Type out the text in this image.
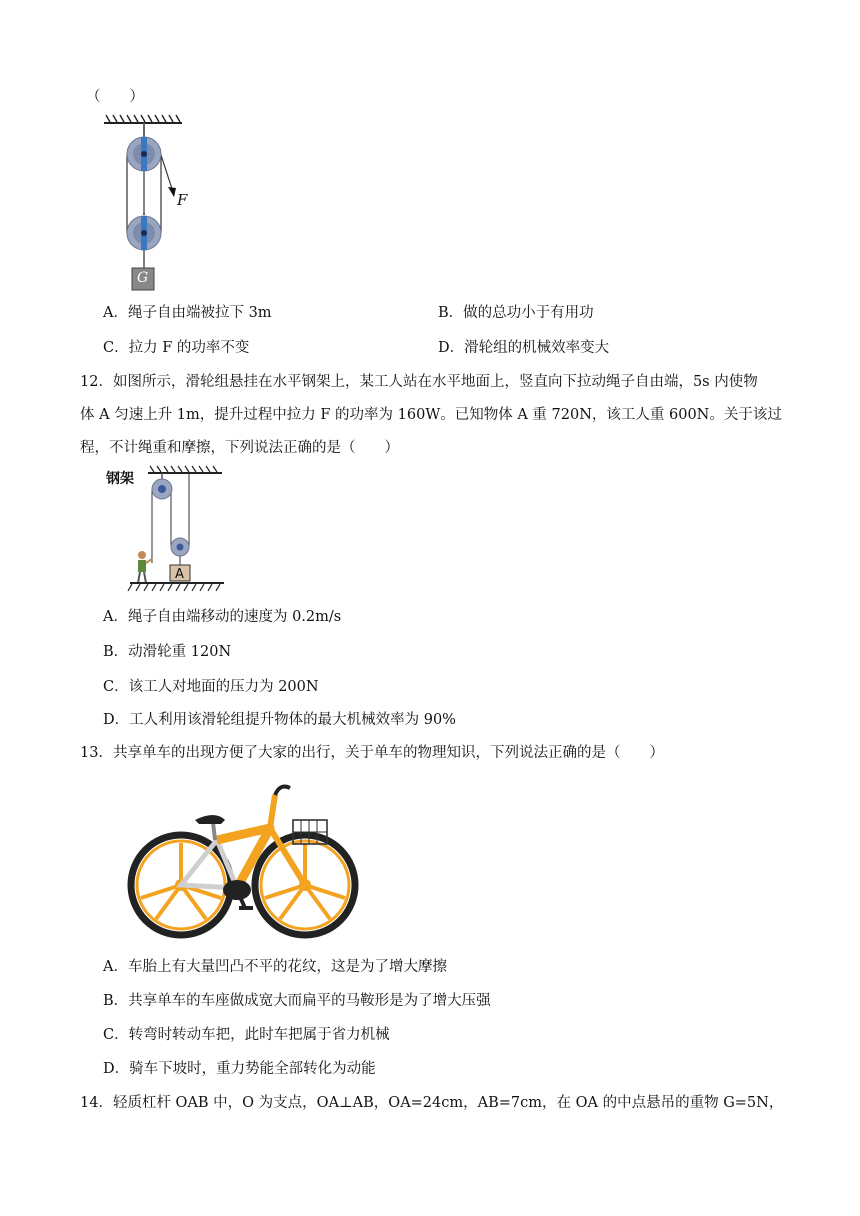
（　　）
F
G
A．绳子自由端被拉下 3m	B．做的总功小于有用功
C．拉力 F 的功率不变	D．滑轮组的机械效率变大
12．如图所示，滑轮组悬挂在水平钢架上，某工人站在水平地面上，竖直向下拉动绳子自由端，5s 内使物
体 A 匀速上升 1m，提升过程中拉力 F 的功率为 160W。已知物体 A 重 720N，该工人重 600N。关于该过
程，不计绳重和摩擦，下列说法正确的是（　　）
钢架
A
A．绳子自由端移动的速度为 0.2m/s
B．动滑轮重 120N
C．该工人对地面的压力为 200N
D．工人利用该滑轮组提升物体的最大机械效率为 90%
13．共享单车的出现方便了大家的出行，关于单车的物理知识，下列说法正确的是（　　）
A．车胎上有大量凹凸不平的花纹，这是为了增大摩擦
B．共享单车的车座做成宽大而扁平的马鞍形是为了增大压强
C．转弯时转动车把，此时车把属于省力机械
D．骑车下坡时，重力势能全部转化为动能
14．轻质杠杆 OAB 中，O 为支点，OA⊥AB，OA=24cm，AB=7cm，在 OA 的中点悬吊的重物 G=5N，
